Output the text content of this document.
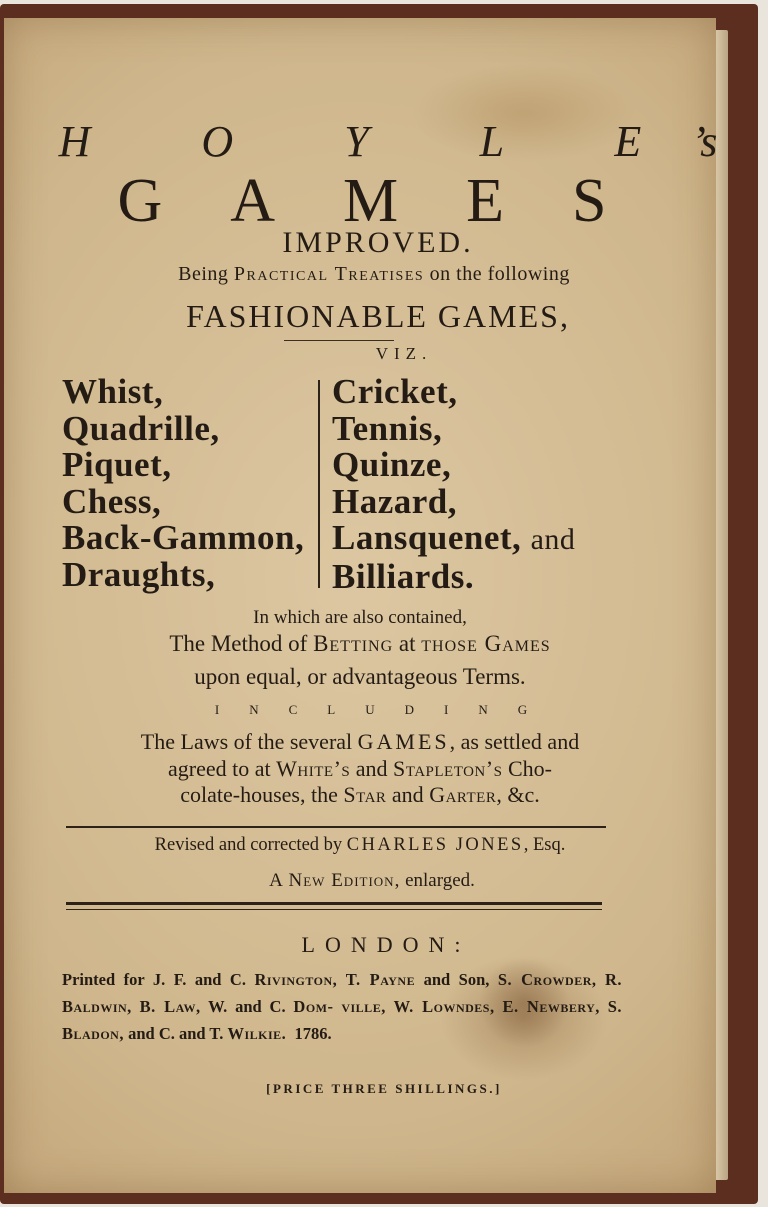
H O Y L E’s
GAMES
IMPROVED.
Being Practical Treatises on the following
FASHIONABLE GAMES,
VIZ.
Whist,
Quadrille,
Piquet,
Chess,
Back-Gammon,
Draughts,
Cricket,
Tennis,
Quinze,
Hazard,
Lansquenet, and
Billiards.
In which are also contained,
The Method of Betting at those Games
upon equal, or advantageous Terms.
INCLUDING
The Laws of the several GAMES, as settled and
agreed to at White’s and Stapleton’s Cho-
colate-houses, the Star and Garter, &c.
Revised and corrected by CHARLES JONES, Esq.
A New Edition, enlarged.
LONDON:
Printed for J. F. and C. Rivington, T. Payne and Son, S. Crowder, R. Baldwin, B. Law, W. and C. Dom- ville, W. Lowndes, E. Newbery, S. Bladon, and C. and T. Wilkie. 1786.
[PRICE THREE SHILLINGS.]
